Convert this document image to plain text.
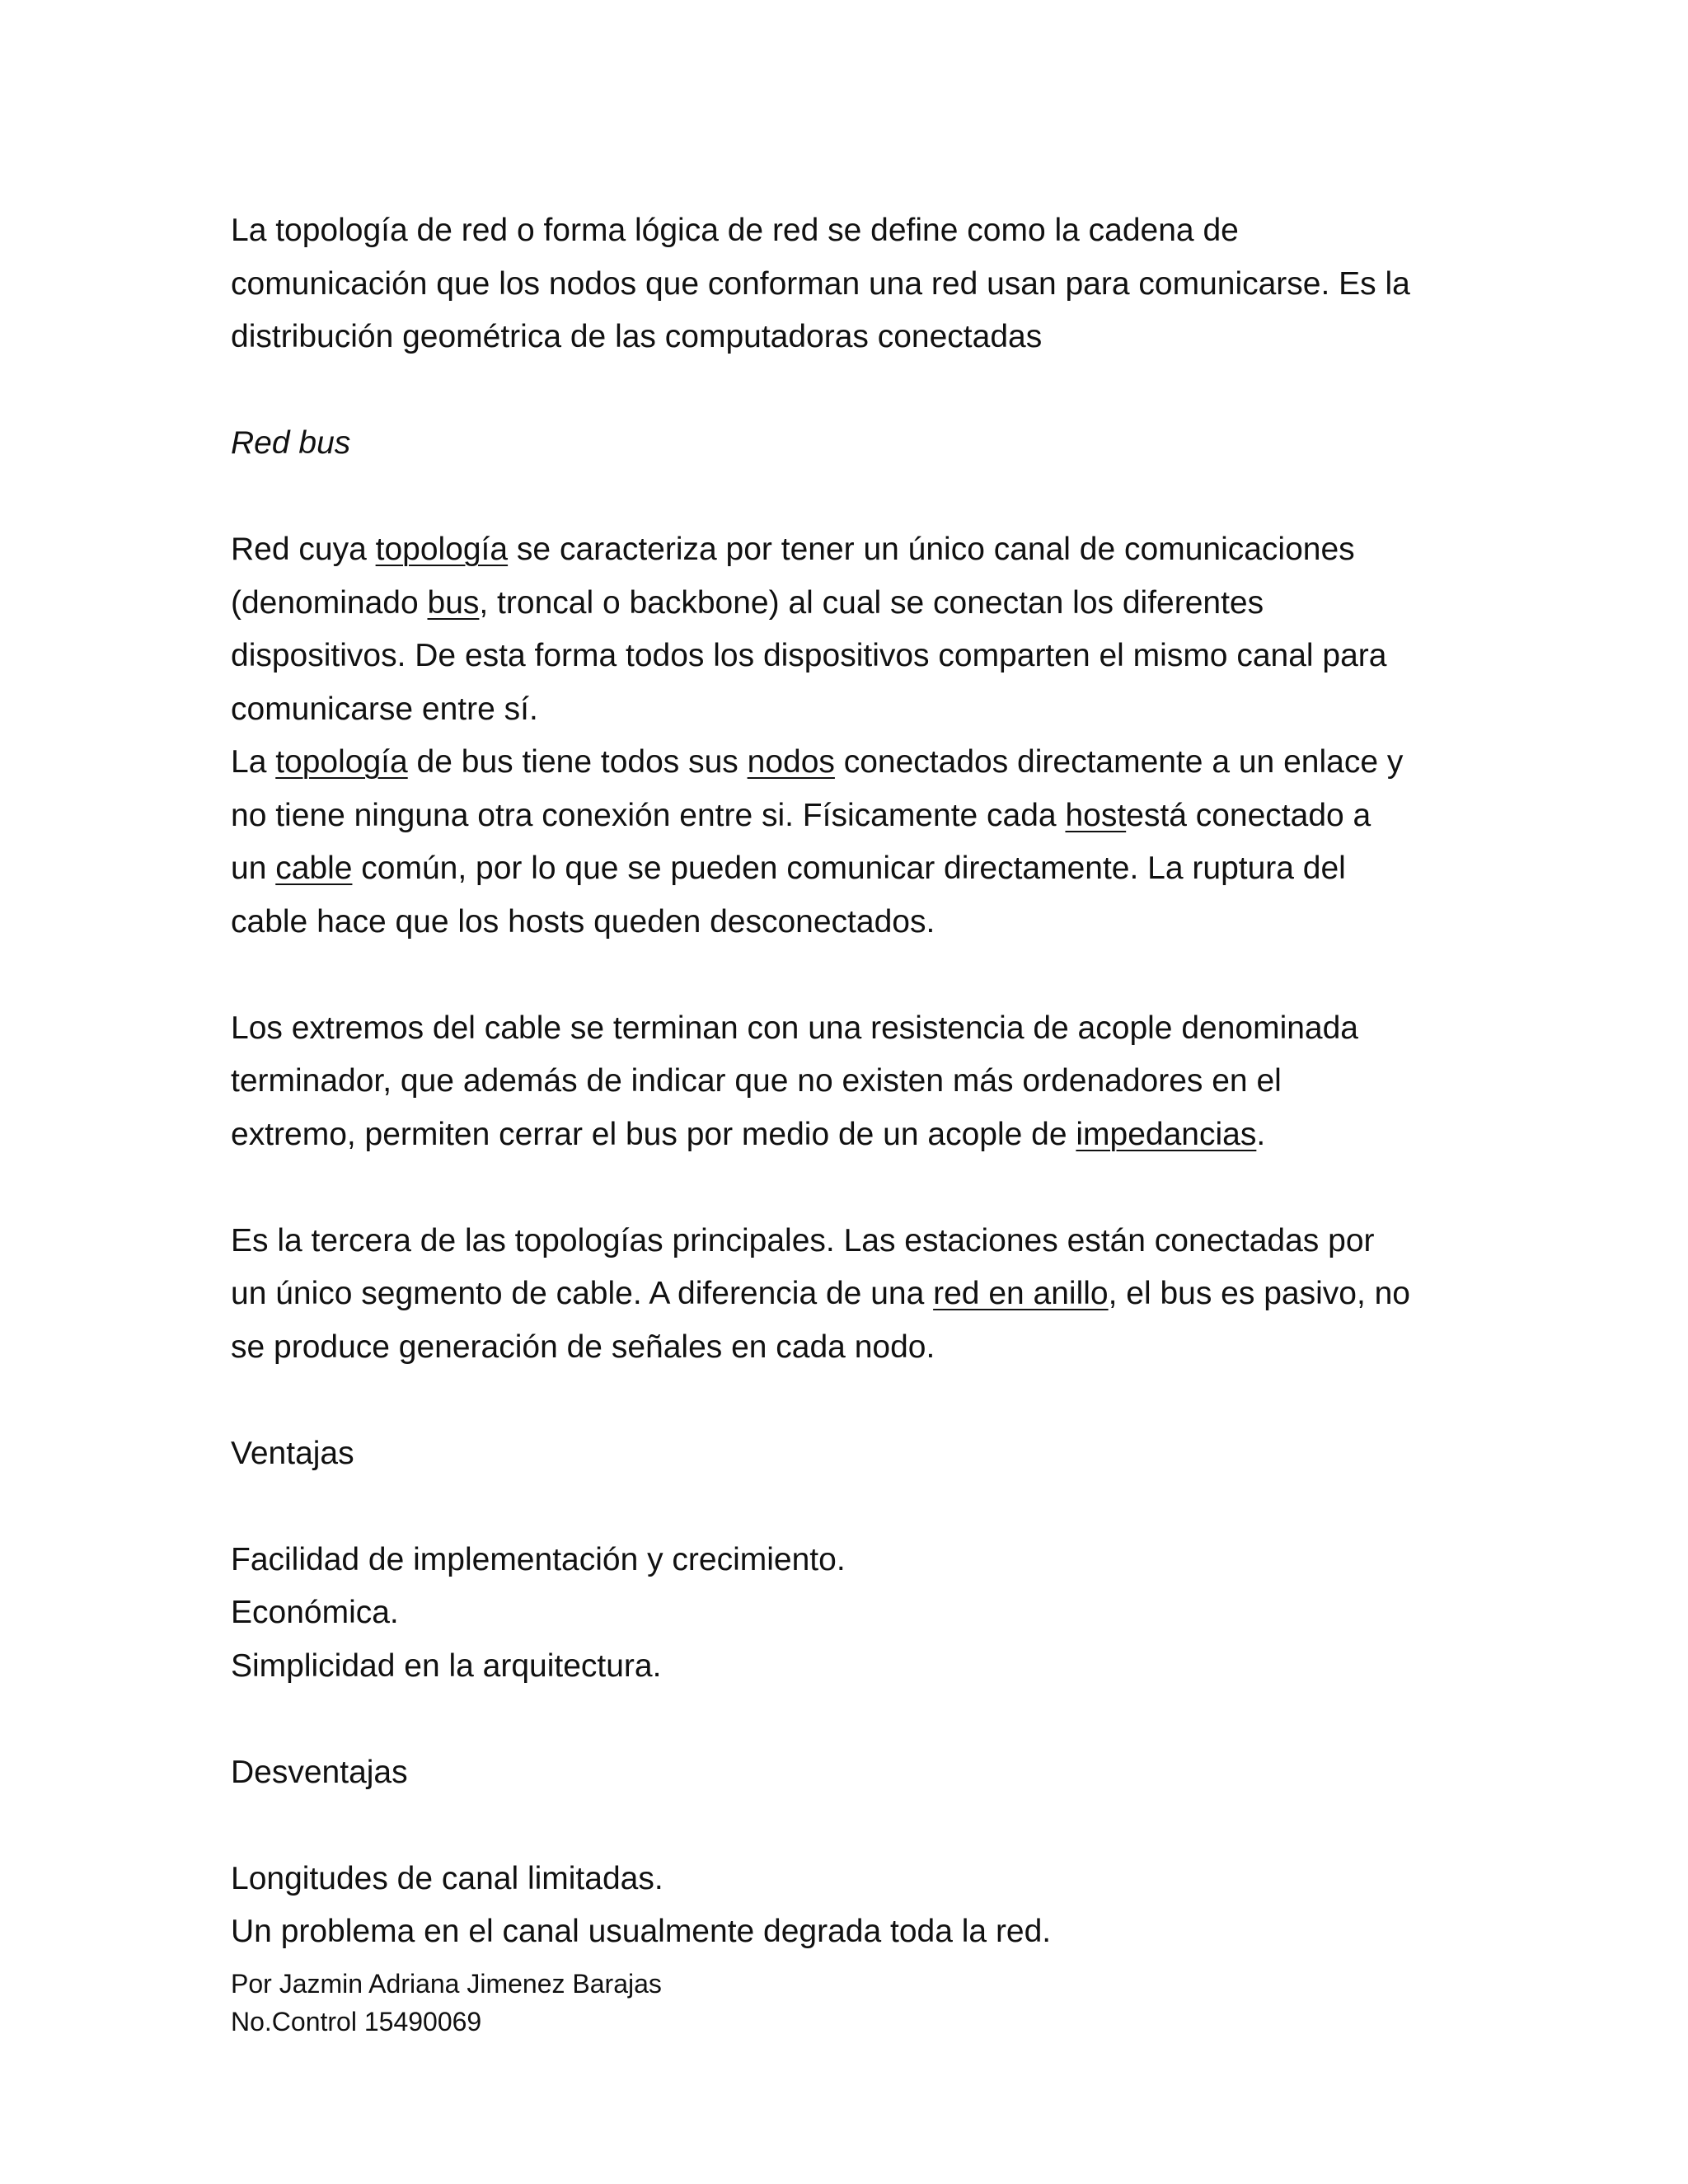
La topología de red o forma lógica de red se define como la cadena de

comunicación que los nodos que conforman una red usan para comunicarse. Es la

distribución geométrica de las computadoras conectadas

Red bus

Red cuya topología se caracteriza por tener un único canal de comunicaciones

(denominado bus, troncal o backbone) al cual se conectan los diferentes

dispositivos. De esta forma todos los dispositivos comparten el mismo canal para

comunicarse entre sí.

La topología de bus tiene todos sus nodos conectados directamente a un enlace y

no tiene ninguna otra conexión entre si. Físicamente cada hostestá conectado a

un cable común, por lo que se pueden comunicar directamente. La ruptura del

cable hace que los hosts queden desconectados.

Los extremos del cable se terminan con una resistencia de acople denominada

terminador, que además de indicar que no existen más ordenadores en el

extremo, permiten cerrar el bus por medio de un acople de impedancias.

Es la tercera de las topologías principales. Las estaciones están conectadas por

un único segmento de cable. A diferencia de una red en anillo, el bus es pasivo, no

se produce generación de señales en cada nodo.

Ventajas

Facilidad de implementación y crecimiento.

Económica.

Simplicidad en la arquitectura.

Desventajas

Longitudes de canal limitadas.

Un problema en el canal usualmente degrada toda la red.

Por Jazmin Adriana Jimenez Barajas

No.Control 15490069
